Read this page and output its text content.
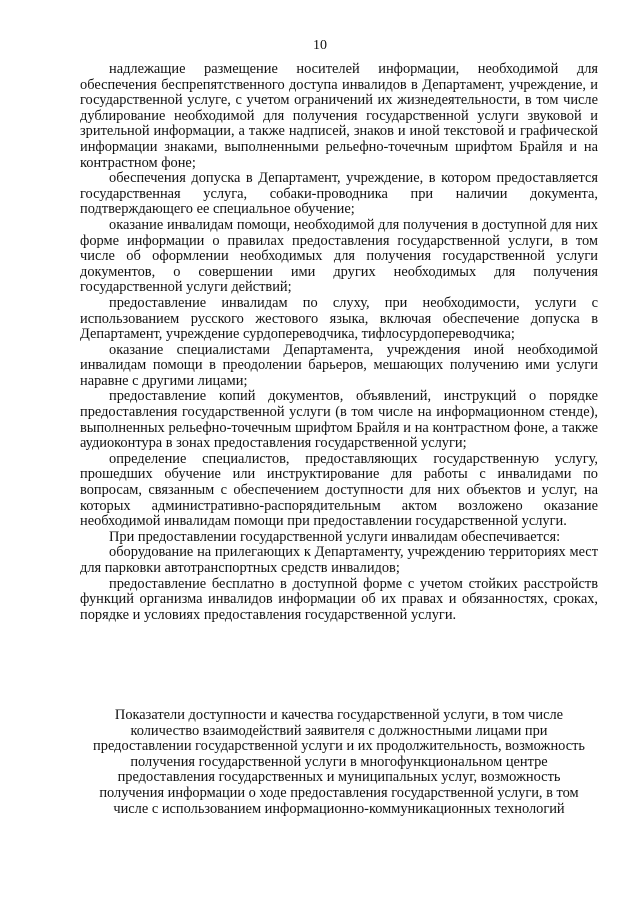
10

надлежащие размещение носителей информации, необходимой для обеспечения беспрепятственного доступа инвалидов в Департамент, учреждение, и государственной услуге, с учетом ограничений их жизнедеятельности, в том числе дублирование необходимой для получения государственной услуги звуковой и зрительной информации, а также надписей, знаков и иной текстовой и графической информации знаками, выполненными рельефно-точечным шрифтом Брайля и на контрастном фоне;

обеспечения допуска в Департамент, учреждение, в котором предоставляется государственная услуга, собаки-проводника при наличии документа, подтверждающего ее специальное обучение;

оказание инвалидам помощи, необходимой для получения в доступной для них форме информации о правилах предоставления государственной услуги, в том числе об оформлении необходимых для получения государственной услуги документов, о совершении ими других необходимых для получения государственной услуги действий;

предоставление инвалидам по слуху, при необходимости, услуги с использованием русского жестового языка, включая обеспечение допуска в Департамент, учреждение сурдопереводчика, тифлосурдопереводчика;

оказание специалистами Департамента, учреждения иной необходимой инвалидам помощи в преодолении барьеров, мешающих получению ими услуги наравне с другими лицами;

предоставление копий документов, объявлений, инструкций о порядке предоставления государственной услуги (в том числе на информационном стенде), выполненных рельефно-точечным шрифтом Брайля и на контрастном фоне, а также аудиоконтура в зонах предоставления государственной услуги;

определение специалистов, предоставляющих государственную услугу, прошедших обучение или инструктирование для работы с инвалидами по вопросам, связанным с обеспечением доступности для них объектов и услуг, на которых административно-распорядительным актом возложено оказание необходимой инвалидам помощи при предоставлении государственной услуги.

При предоставлении государственной услуги инвалидам обеспечивается:

оборудование на прилегающих к Департаменту, учреждению территориях мест для парковки автотранспортных средств инвалидов;

предоставление бесплатно в доступной форме с учетом стойких расстройств функций организма инвалидов информации об их правах и обязанностях, сроках, порядке и условиях предоставления государственной услуги.

Показатели доступности и качества государственной услуги, в том числе

количество взаимодействий заявителя с должностными лицами при

предоставлении государственной услуги и их продолжительность, возможность

получения государственной услуги в многофункциональном центре

предоставления государственных и муниципальных услуг, возможность

получения информации о ходе предоставления государственной услуги, в том

числе с использованием информационно-коммуникационных технологий
